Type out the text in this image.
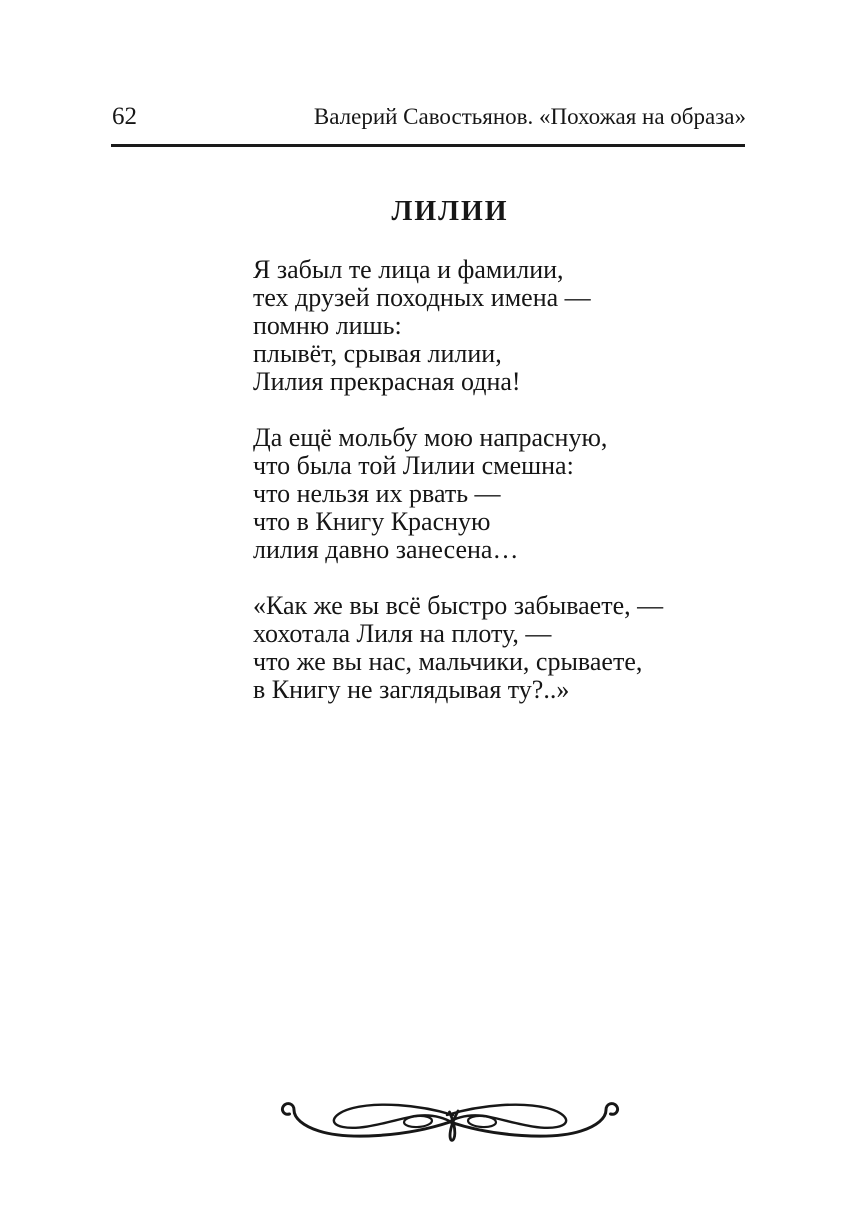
62	Валерий Савостьянов. «Похожая на образа»
ЛИЛИИ
Я забыл те лица и фамилии,
тех друзей походных имена —
помню лишь:
плывёт, срывая лилии,
Лилия прекрасная одна!

Да ещё мольбу мою напрасную,
что была той Лилии смешна:
что нельзя их рвать —
что в Книгу Красную
лилия давно занесена…

«Как же вы всё быстро забываете, —
хохотала Лиля на плоту, —
что же вы нас, мальчики, срываете,
в Книгу не заглядывая ту?..»
